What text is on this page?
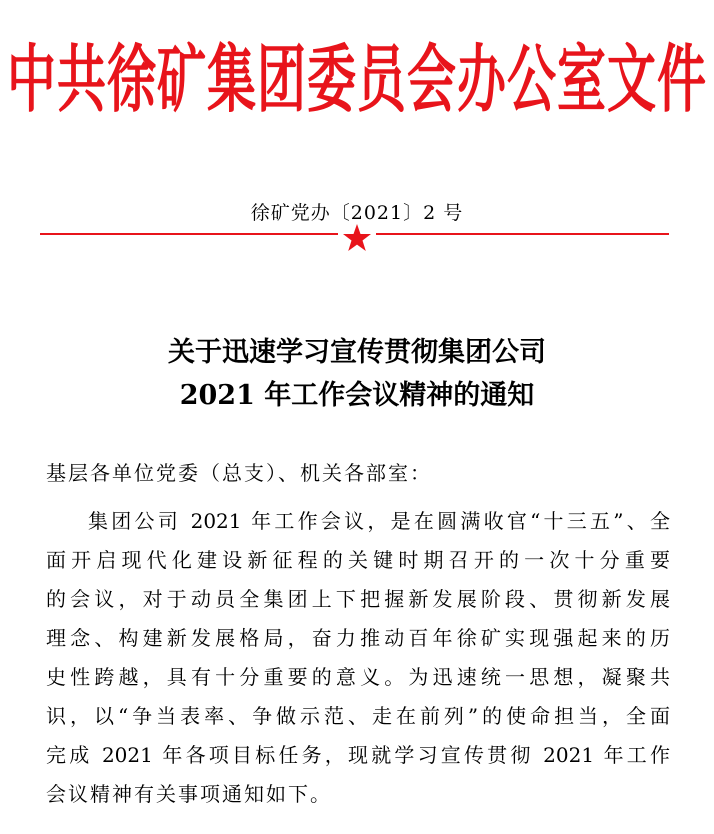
中共徐矿集团委员会办公室文件
徐矿党办〔2021〕2 号
关于迅速学习宣传贯彻集团公司
2021 年工作会议精神的通知
基层各单位党委（总支）、机关各部室：
集团公司 2021 年工作会议，是在圆满收官“十三五”、全
面开启现代化建设新征程的关键时期召开的一次十分重要
的会议，对于动员全集团上下把握新发展阶段、贯彻新发展
理念、构建新发展格局，奋力推动百年徐矿实现强起来的历
史性跨越，具有十分重要的意义。为迅速统一思想，凝聚共
识，以“争当表率、争做示范、走在前列”的使命担当，全面
完成 2021 年各项目标任务，现就学习宣传贯彻 2021 年工作
会议精神有关事项通知如下。
